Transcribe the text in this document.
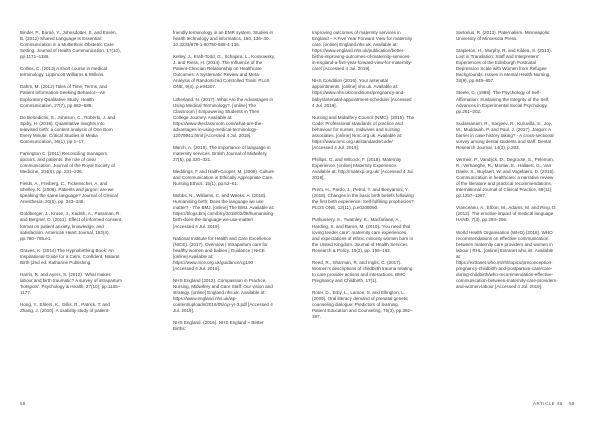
Binder, P., Borné, Y., Johnsdotter, S. and Essén, B. (2012) Shared Language Is Essential: Communication in a Multiethnic Obstetric Care Setting. Journal of Health Communication, 17(10), pp.1171–1186.

Collins, C. (2013) A short course in medical terminology. Lippincott Williams & Wilkins.

Dahm, M. (2012) Tales of Time, Terms, and Patient Information-Seeking Behavior—An Exploratory Qualitative Study. Health Communication, 27(7), pp.682–689.

De Benedictis, S., Johnson, C., Roberts, J. and Spiby, H. (2018). Quantitative insights into televised birth: a content analysis of One Born Every Minute. Critical Studies in Media Communication, 36(1), pp.1–17.

Farrington C. (2011) Reconciling managers, doctors, and patients: the role of clear communication. Journal of the Royal Society of Medicine, 104(6), pp. 231–236.

Fields, A., Freiberg, C., Fickenscher, A. and Shelley, K. (2008). Patients and jargon: are we speaking the same language? Journal of Clinical Anesthesia, 20(5), pp. 343–346.

Goldberger, J., Kruse, J., Kadish, A., Passman, R. and Bergner, D. (2011). Effect of informed consent format on patient anxiety, knowledge, and satisfaction. American Heart Journal, 162(4), pp.780–785.e1.

Graves, K. (2014) The Hypnobirthing Book: An Inspirational Guide for a Calm, Confident, Natural Birth (2nd ed. Katharine Publishing.

Harris, R. and Ayers, S. (2012). 'What makes labour and birth traumatic? A survey of intrapartum 'hotspots'. Psychology & Health, 27(10), pp.1166–1177.

Hong, Y., Ehlers, K., Gillis, R., Patrick, T. and Zhang, J. (2010). A usability study of patient-

friendly terminology in an EMR system. Studies in health technology and informatics, 160, 136–40. 10.3233/978-1-60750-588-4-136.

Kelley, J., Kraft-Todd, G., Schapira, L., Kossowsky, J. and Riess, H. (2014). The Influence of the Patient-Clinician Relationship on Healthcare Outcomes: A Systematic Review and Meta-Analysis of Randomized Controlled Trials. PLoS ONE, 9(4), p.e94207.

Litherland, N. (2017). What Are the Advantages in Using Medical Terminology?. [online] The Classroom | Empowering Students in Their College Journey. Available at: https://www.theclassroom.com/what-are-the-advantages-in-using-medical-terminology-12079941.html [Accessed 4 Jul. 2019].

March, A. (2019). The importance of language in maternity services. British Journal of Midwifery, 27(5), pp.320–321.

Meddings, F and Haith-Cooper, M. (2008). Culture and Communication in Ethically Appropriate Care. Nursing Ethics, 15(1), pp.52–61.

Mobbs, N., Williams, C. and Weeks, A. (2018). Humanising birth: Does the language we use matter? - The BMJ. [online] The BMJ. Available at: https://blogs.bmj.com/bmj/2018/02/08/humanising-birth-does-the-language-we-use-matter/ [Accessed 4 Jul. 2019].

National Institute for Health and Care Excellence (NICE). (2017). Overview | Intrapartum care for healthy women and babies | Guidance | NICE. [online] Available at: https://www.nice.org.uk/guidance/cg190 [Accessed 4 Jul. 2019].

NHS England (2012). Compassion in Practice, Nursing, Midwifery and Care Staff: Our vision and strategy. [online] England.nhs.uk. Available at: https://www.england.nhs.uk/wp-content/uploads/2016/05/cip-yr-3.pdf [Accessed 4 Jul. 2019].

NHS England. (2016). NHS England » Better Births:

Improving outcomes of maternity services in England – A Five Year Forward View for maternity care. [online] England.nhs.uk. Available at: https://www.england.nhs.uk/publication/better-births-improving-outcomes-of-maternity-services-in-england-a-five-year-forward-view-for-maternity-care/ [Accessed 4 Jul. 2019].

NHS Condition (2016). Your antenatal appointments. [online] nhs.uk. Available at: https://www.nhs.uk/conditions/pregnancy-and-baby/antenatal-appointment-schedule/ [Accessed 4 Jul. 2019].

Nursing and Midwifery Council (NMC). (2015). The Code: Professional standards of practice and behaviour for nurses, midwives and nursing associates. [online] Nmc.org.uk. Available at: https://www.nmc.org.uk/standards/code/ [Accessed 4 Jul. 2019].

Phillips, G. and Wilcock, F. (2018). Maternity Experience. [online] Maternity Experience. Available at: http://matexp.org.uk/ [Accessed 4 Jul. 2019].

Prem, H., Pardo, J., Petrol, Y. and Benyamini, Y. (2018). Changes in the basic birth beliefs following the first birth experience: Self-fulfilling prophecies? PLOS ONE, 13(11), p.e0208090.

Puthussery, S., Twamley, K., Macfarlane, A., Harding, S. and Baron, M. (2010). 'You need that loving tender care': maternity care experiences and expectations of ethnic minority women born in the United Kingdom. Journal of Health Services Research & Policy, 15(3), pp. 156–162.

Reed, R., Sharman, R. and Inglis, C. (2017). Women's descriptions of childbirth trauma relating to care provider actions and interactions. BMC Pregnancy and Childbirth, 17(1).

Roter, D., Erby, L., Larson, S. and Ellington, L. (2009). Oral literacy demand of prenatal genetic counseling dialogue: Predictors of learning. Patient Education and Counseling, 75(3), pp.392–397.

Sartorius, R. (2013). Paternalism. Minneapolis: University of Minnesota Press.

Stapleton, H., Murphy, R. and Kildea, S. (2013). Lost in Translation: Staff and Interpreters' Experiences of the Edinburgh Postnatal Depression Scale with Women from Refugee Backgrounds. Issues in Mental Health Nursing, 34(9), pp.648–657.

Steele, C. (1988). The Psychology of Self-Affirmation: Sustaining the Integrity of the Self. Advances in Experimental Social Psychology, pp.261–302.

Sudarsanam, R., Sanjeev, R., Kuruvilla, S., Joy, M., Muddaiah, P. and Paul, J. (2017). Jargon: A barrier in case history taking? - A cross-sectional survey among dental students and staff. Dental Research Journal, 14(3), p.203.

Vermeir, P., Vandijck, D., Degroote, S., Peleman, R., Verhaeghe, R., Mortier, E., Hallaert, G., Van Daele, S., Buylaert, W. and Vogelaers, D. (2015). Communication in healthcare: a narrative review of the literature and practical recommendations. International Journal of Clinical Practice, 69(11), pp.1257–1267.

Vranceanu, A., Elbon, M., Adams, M. and Ring, D. (2012). The emotive impact of medical language. HAND, 7(3), pp.293–296.

World Health Organisation (WHO) (2018). WHO recommendations on effective communication between maternity care providers and women in labour | RHL. [online] Extranet.who.int. Available at: https://extranet.who.int/rhl/topics/preconception-pregnancy-childbirth-and-postpartum-care/care-during-childbirth/who-recommendation-effective-communication-between-maternity-care-providers-and-women-labour [Accessed 4 Jul. 2019].

58	ARTICLE 46 59
